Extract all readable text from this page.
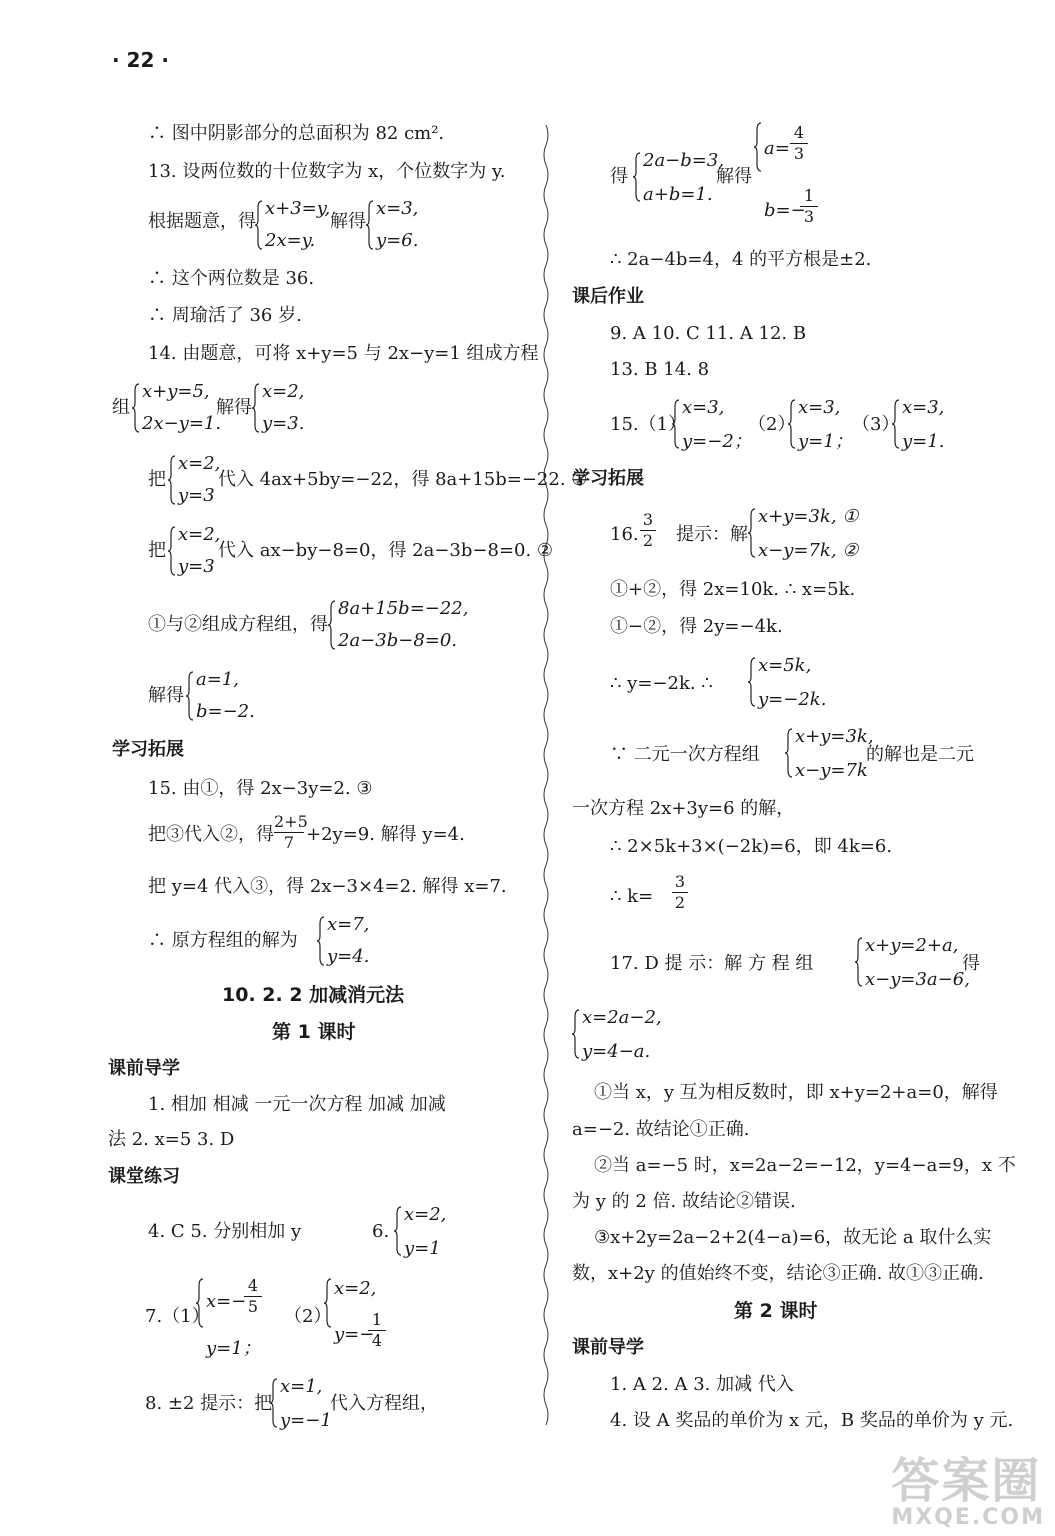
· 22 ·
∴ 图中阴影部分的总面积为 82 cm².
13. 设两位数的十位数字为 x，个位数字为 y.
根据题意，得
x+3=y,
2x=y.
解得
x=3,
y=6.
∴ 这个两位数是 36.
∴ 周瑜活了 36 岁.
14. 由题意，可将 x+y=5 与 2x−y=1 组成方程
组
x+y=5,
2x−y=1.
解得
x=2,
y=3.
把
x=2,
y=3
代入 4ax+5by=−22，得 8a+15b=−22. ①
把
x=2,
y=3
代入 ax−by−8=0，得 2a−3b−8=0. ②
①与②组成方程组，得
8a+15b=−22,
2a−3b−8=0.
解得
a=1,
b=−2.
学习拓展
15. 由①，得 2x−3y=2. ③
把③代入②，得
2+5
7 +2y=9. 解得 y=4.
把 y=4 代入③，得 2x−3×4=2. 解得 x=7.
∴ 原方程组的解为
x=7,
y=4.
10. 2. 2 加减消元法
第 1 课时
课前导学
1. 相加 相减 一元一次方程 加减 加减
法 2. x=5 3. D
课堂练习
4. C 5. 分别相加 y	6.
x=2,
y=1
7.（1）
x=−
4
5
y=1；
（2）
x=2,
y=−
1
4
8. ±2 提示：把
x=1,
y=−1
代入方程组，
得
2a−b=3,
a+b=1.
解得
a=
4
3
b=−
1
3
∴ 2a−4b=4，4 的平方根是±2.
课后作业
9. A 10. C 11. A 12. B
13. B 14. 8
15.（1）
x=3,
y=−2；
（2）
x=3,
y=1；
（3）
x=3,
y=1.
学习拓展
16.
3
2 提示：解
x+y=3k, ①
x−y=7k, ②
①+②，得 2x=10k. ∴ x=5k.
①−②，得 2y=−4k.
∴ y=−2k. ∴
x=5k,
y=−2k.
∵ 二元一次方程组
x+y=3k,
x−y=7k
的解也是二元
一次方程 2x+3y=6 的解，
∴ 2×5k+3×(−2k)=6，即 4k=6.
∴ k=
3
2
17. D 提 示：解 方 程 组
x+y=2+a,
x−y=3a−6,
得
x=2a−2,
y=4−a.
①当 x，y 互为相反数时，即 x+y=2+a=0，解得
a=−2. 故结论①正确.
②当 a=−5 时，x=2a−2=−12，y=4−a=9，x 不
为 y 的 2 倍. 故结论②错误.
③x+2y=2a−2+2(4−a)=6，故无论 a 取什么实
数，x+2y 的值始终不变，结论③正确. 故①③正确.
第 2 课时
课前导学
1. A 2. A 3. 加减 代入
4. 设 A 奖品的单价为 x 元，B 奖品的单价为 y 元.
答案圈
MXQE.COM
